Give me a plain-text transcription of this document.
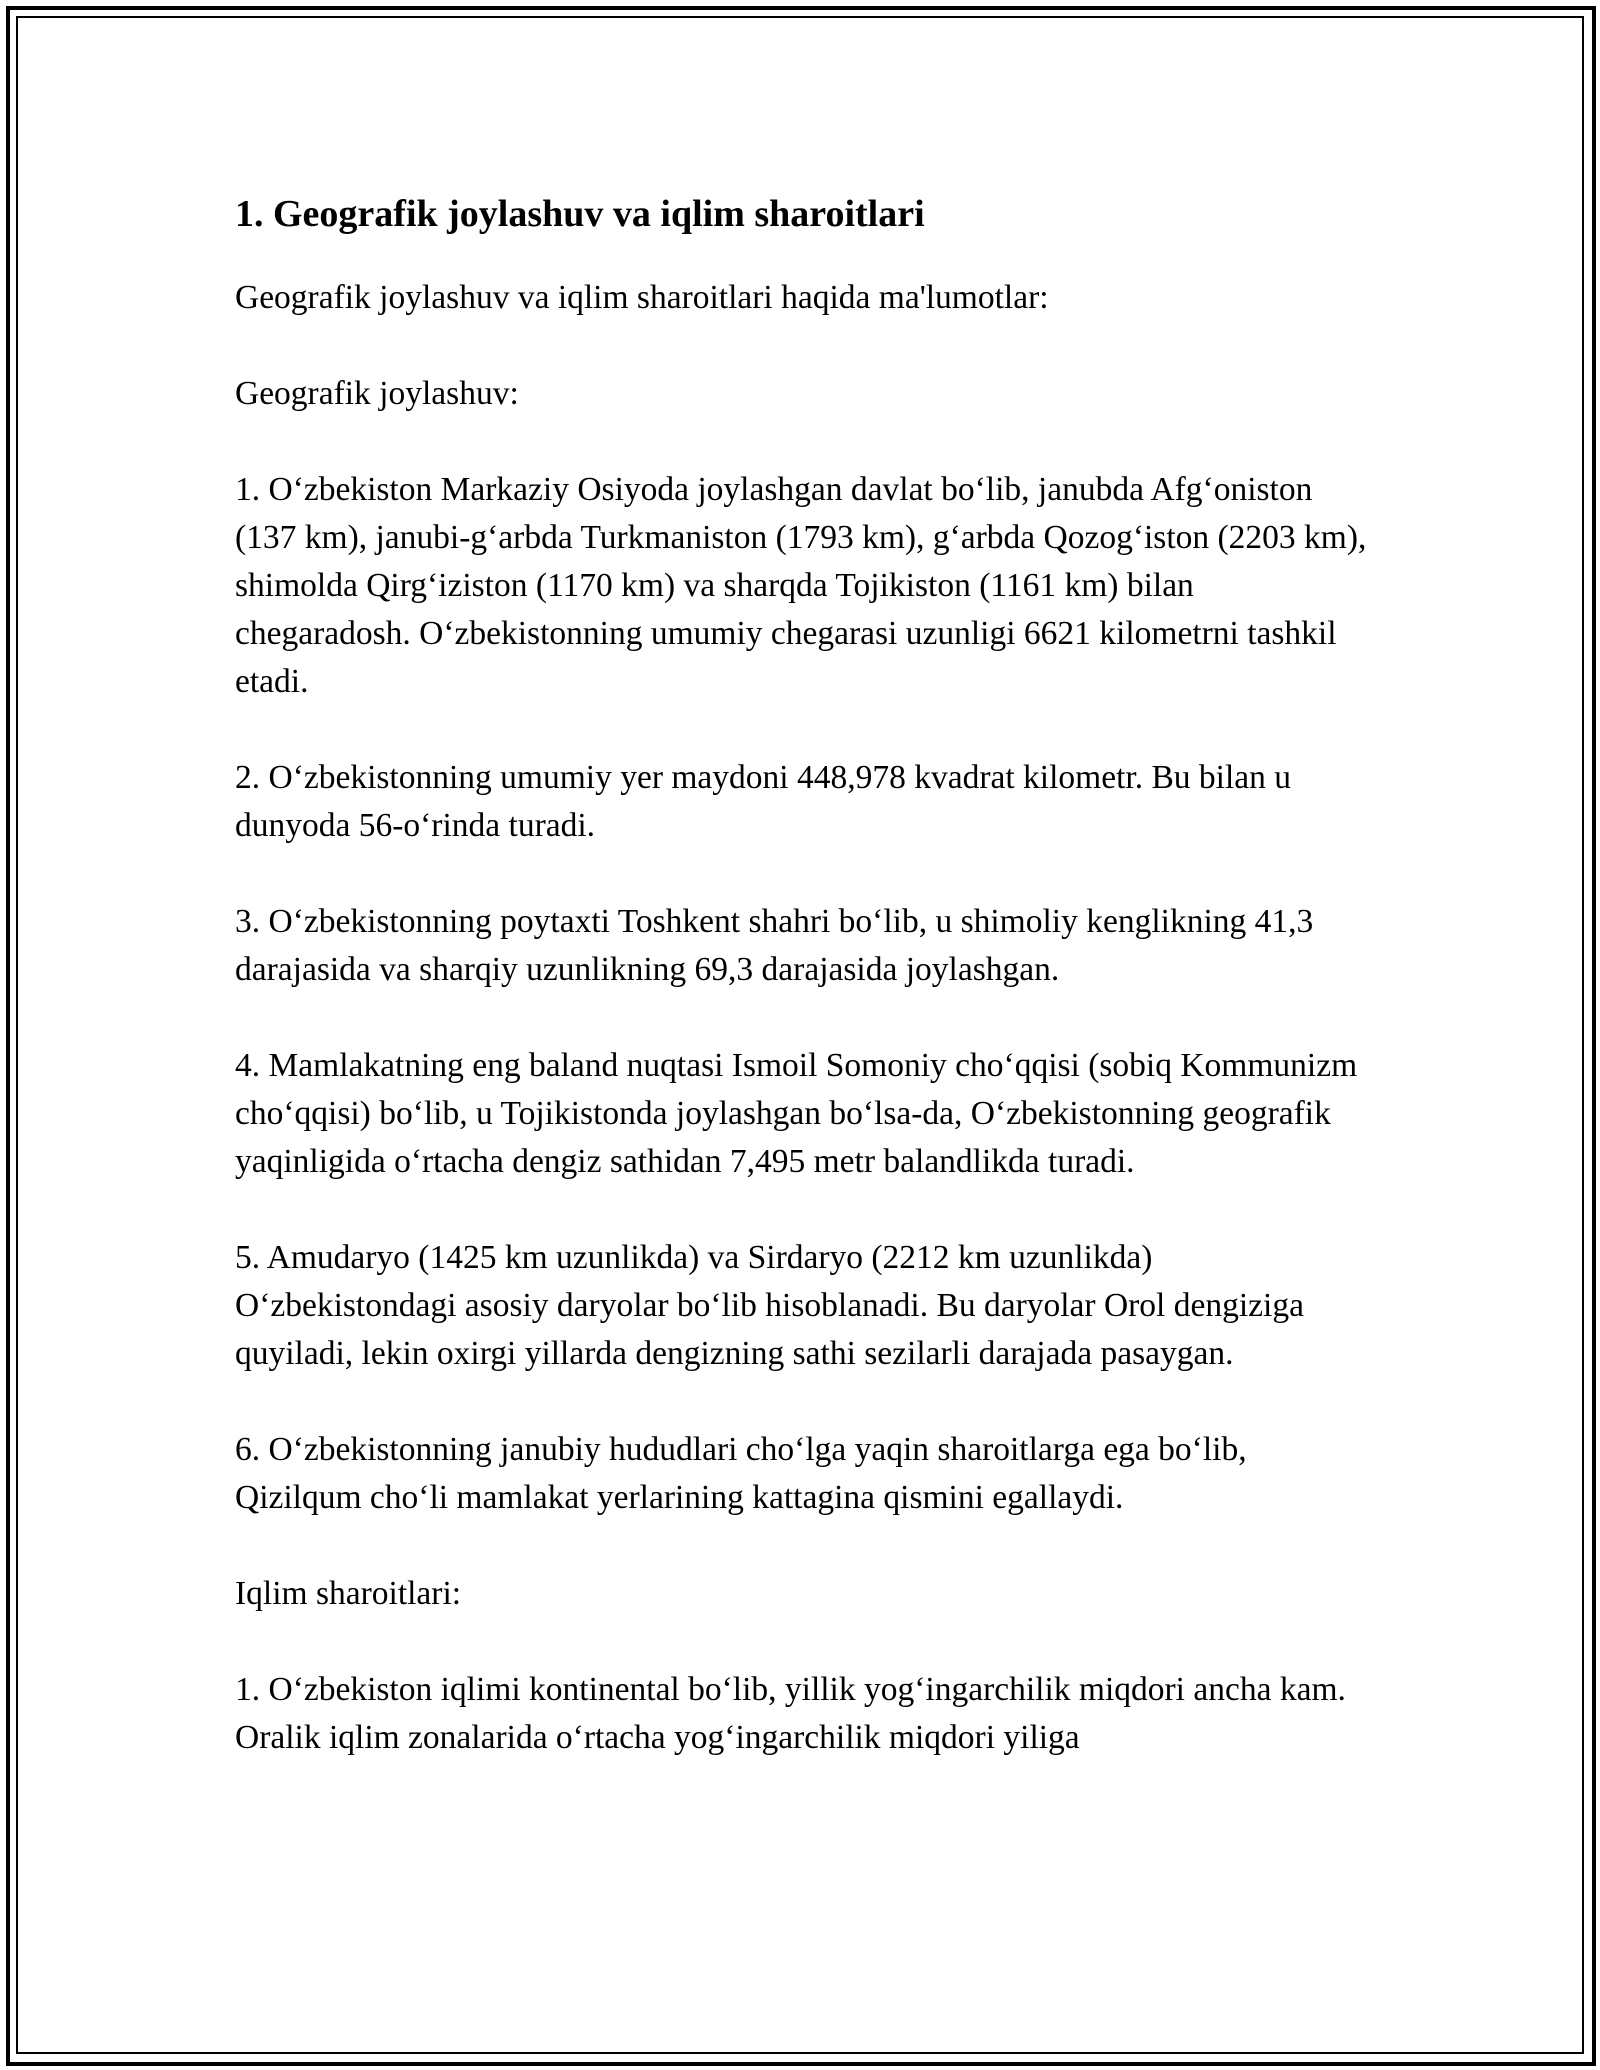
1. Geografik joylashuv va iqlim sharoitlari

Geografik joylashuv va iqlim sharoitlari haqida ma'lumotlar:

Geografik joylashuv:

1. O‘zbekiston Markaziy Osiyoda joylashgan davlat bo‘lib, janubda Afg‘oniston (137 km), janubi-g‘arbda Turkmaniston (1793 km), g‘arbda Qozog‘iston (2203 km), shimolda Qirg‘iziston (1170 km) va sharqda Tojikiston (1161 km) bilan chegaradosh. O‘zbekistonning umumiy chegarasi uzunligi 6621 kilometrni tashkil etadi.

2. O‘zbekistonning umumiy yer maydoni 448,978 kvadrat kilometr. Bu bilan u dunyoda 56-o‘rinda turadi.

3. O‘zbekistonning poytaxti Toshkent shahri bo‘lib, u shimoliy kenglikning 41,3 darajasida va sharqiy uzunlikning 69,3 darajasida joylashgan.

4. Mamlakatning eng baland nuqtasi Ismoil Somoniy cho‘qqisi (sobiq Kommunizm cho‘qqisi) bo‘lib, u Tojikistonda joylashgan bo‘lsa-da, O‘zbekistonning geografik yaqinligida o‘rtacha dengiz sathidan 7,495 metr balandlikda turadi.

5. Amudaryo (1425 km uzunlikda) va Sirdaryo (2212 km uzunlikda) O‘zbekistondagi asosiy daryolar bo‘lib hisoblanadi. Bu daryolar Orol dengiziga quyiladi, lekin oxirgi yillarda dengizning sathi sezilarli darajada pasaygan.

6. O‘zbekistonning janubiy hududlari cho‘lga yaqin sharoitlarga ega bo‘lib, Qizilqum cho‘li mamlakat yerlarining kattagina qismini egallaydi.

Iqlim sharoitlari:

1. O‘zbekiston iqlimi kontinental bo‘lib, yillik yog‘ingarchilik miqdori ancha kam. Oralik iqlim zonalarida o‘rtacha yog‘ingarchilik miqdori yiliga
